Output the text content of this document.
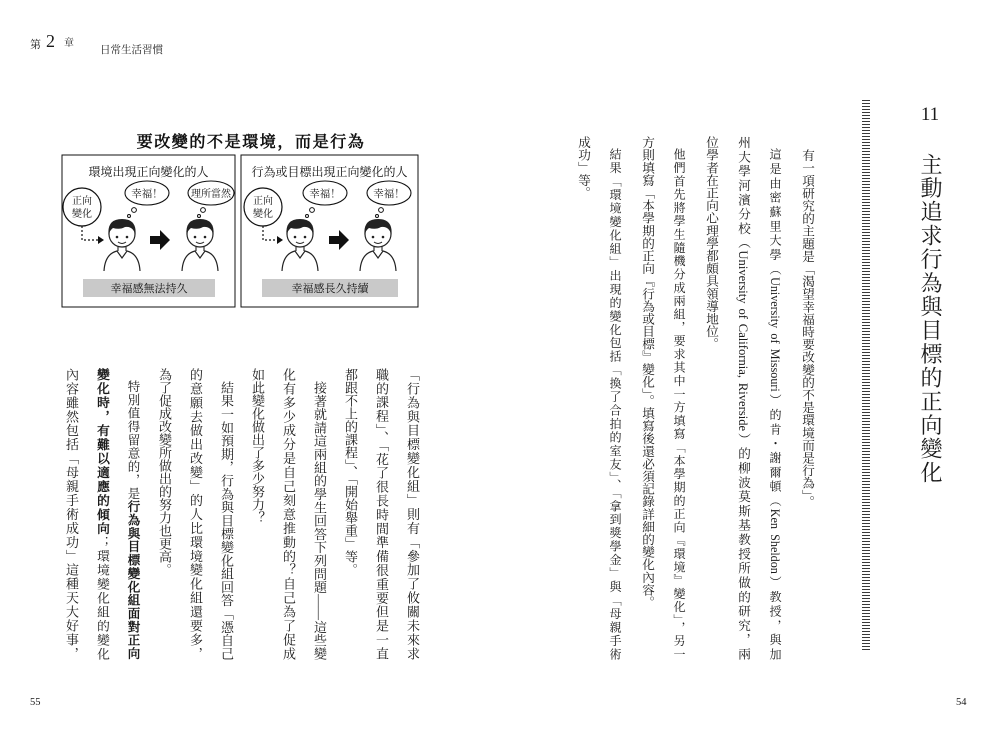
第 2 章
日常生活習慣
要改變的不是環境，而是行為
環境出現正向變化的人
正向
變化
幸福！	理所當然
幸福感無法持久
行為或目標出現正向變化的人
正向
變化
幸福！	幸福！
幸福感長久持續
「行為與目標變化組」則有「參加了攸關未來求
職的課程」、「花了很長時間準備很重要但是一直
都跟不上的課程」、「開始舉重」等。
接著就請這兩組的學生回答下列問題——這些變
化有多少成分是自己刻意推動的？自己為了促成
如此變化做出了多少努力？
結果一如預期，行為與目標變化組回答「憑自己
的意願去做出改變」的人比環境變化組還要多，
為了促成改變所做出的努力也更高。
特別值得留意的，是行為與目標變化組面對正向
變化時，有難以適應的傾向；環境變化組的變化
內容雖然包括「母親手術成功」這種天大好事，
55
11
主動追求行為與目標的正向變化
有一項研究的主題是「渴望幸福時要改變的不是環境而是行為」。
這是由密蘇里大學（University of Missouri）的肯・謝爾頓（Ken Sheldon）教授，與加
州大學河濱分校（University of California, Riverside）的柳波莫斯基教授所做的研究，兩
位學者在正向心理學都頗具領導地位。
他們首先將學生隨機分成兩組，要求其中一方填寫「本學期的正向『環境』變化」，另一
方則填寫「本學期的正向『行為或目標』變化」。填寫後還必須記錄詳細的變化內容。
結果「環境變化組」出現的變化包括「換了合拍的室友」、「拿到獎學金」與「母親手術
成功」等。
54
